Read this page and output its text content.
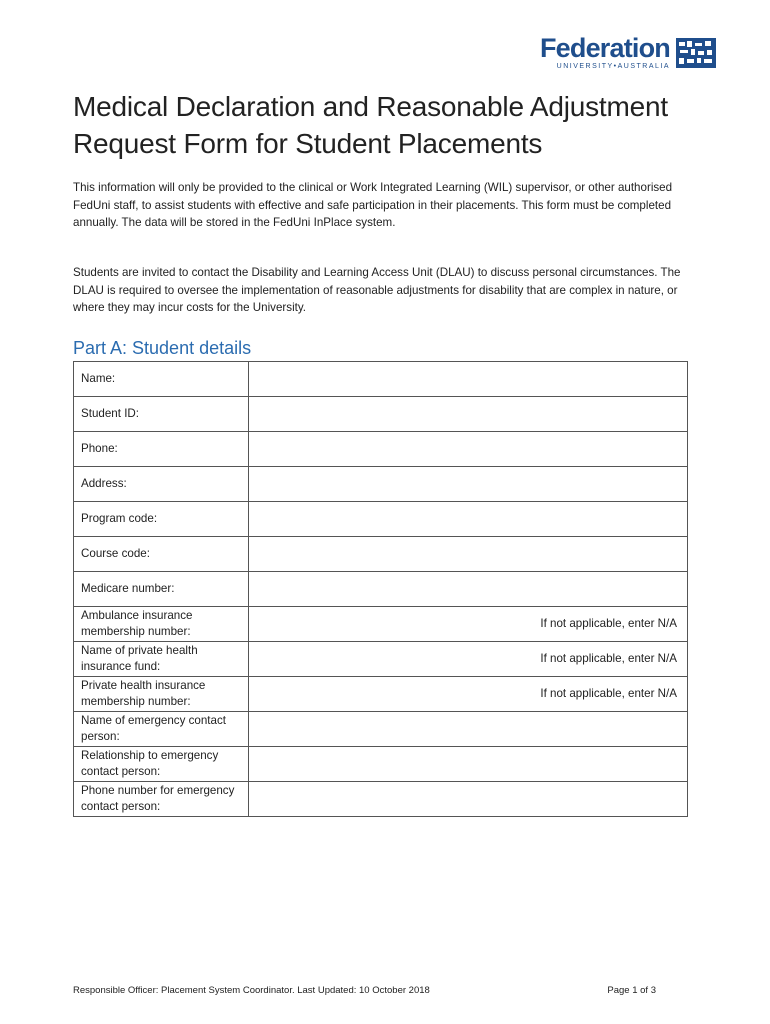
Federation
UNIVERSITY•AUSTRALIA
Medical Declaration and Reasonable Adjustment Request Form for Student Placements

This information will only be provided to the clinical or Work Integrated Learning (WIL) supervisor, or other authorised FedUni staff, to assist students with effective and safe participation in their placements. This form must be completed annually. The data will be stored in the FedUni InPlace system.

Students are invited to contact the Disability and Learning Access Unit (DLAU) to discuss personal circumstances. The DLAU is required to oversee the implementation of reasonable adjustments for disability that are complex in nature, or where they may incur costs for the University.

Part A: Student details
Name:	
Student ID:	
Phone:	
Address:	
Program code:	
Course code:	
Medicare number:	
Ambulance insurance membership number:	If not applicable, enter N/A
Name of private health insurance fund:	If not applicable, enter N/A
Private health insurance membership number:	If not applicable, enter N/A
Name of emergency contact person:	
Relationship to emergency contact person:	
Phone number for emergency contact person:	
Responsible Officer: Placement System Coordinator. Last Updated: 10 October 2018	Page 1 of 3
